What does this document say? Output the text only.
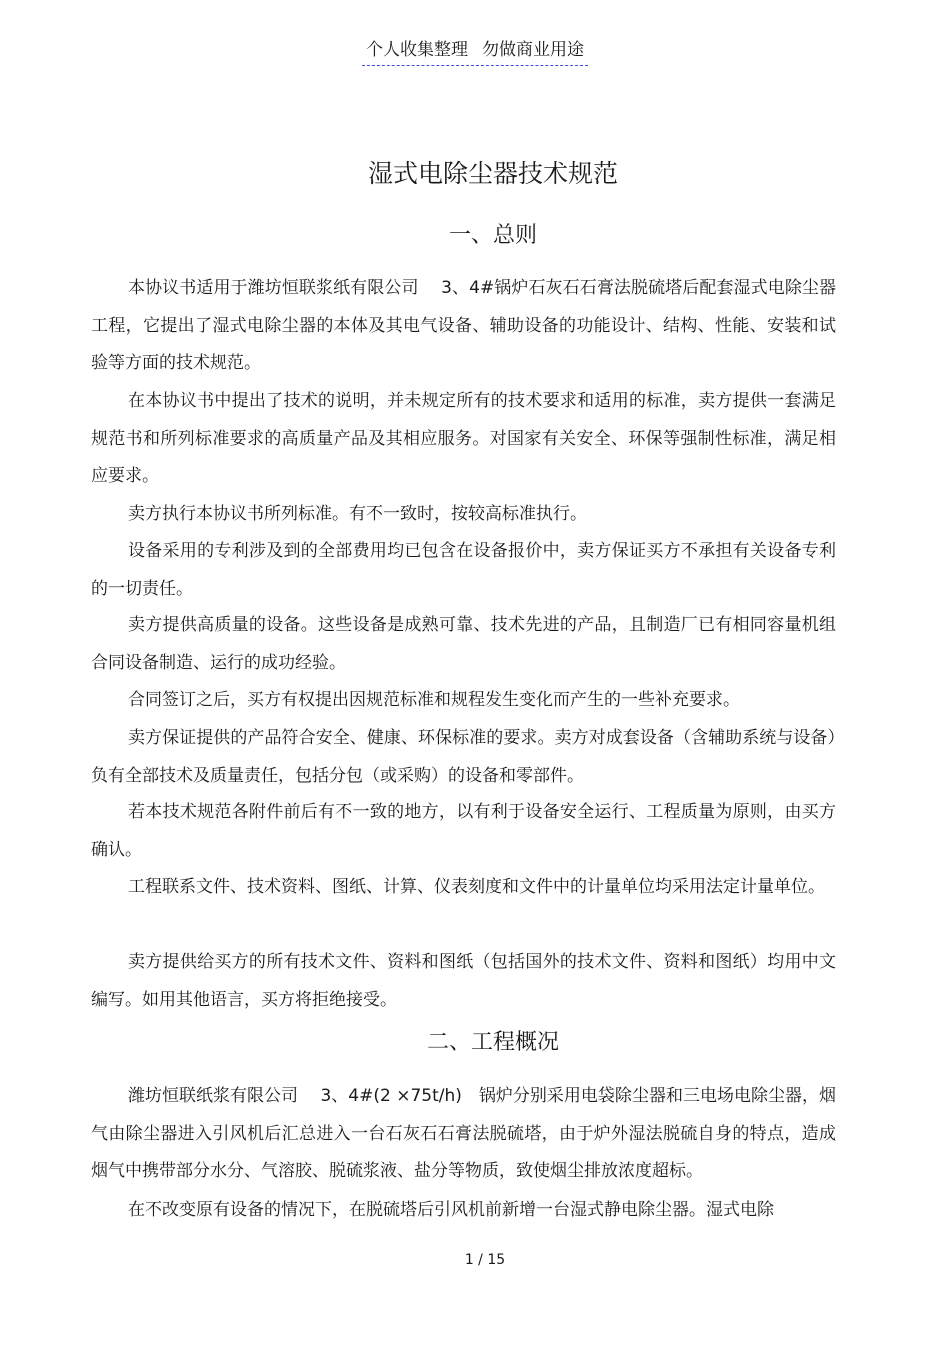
个人收集整理 勿做商业用途
湿式电除尘器技术规范
一、总则

本协议书适用于潍坊恒联浆纸有限公司　 3、4#锅炉石灰石石膏法脱硫塔后配套湿式电除尘器工程，它提出了湿式电除尘器的本体及其电气设备、辅助设备的功能设计、结构、性能、安装和试验等方面的技术规范。

在本协议书中提出了技术的说明，并未规定所有的技术要求和适用的标准，卖方提供一套满足规范书和所列标准要求的高质量产品及其相应服务。对国家有关安全、环保等强制性标准，满足相应要求。

卖方执行本协议书所列标准。有不一致时，按较高标准执行。

设备采用的专利涉及到的全部费用均已包含在设备报价中，卖方保证买方不承担有关设备专利的一切责任。

卖方提供高质量的设备。这些设备是成熟可靠、技术先进的产品，且制造厂已有相同容量机组合同设备制造、运行的成功经验。

合同签订之后，买方有权提出因规范标准和规程发生变化而产生的一些补充要求。

卖方保证提供的产品符合安全、健康、环保标准的要求。卖方对成套设备（含辅助系统与设备）负有全部技术及质量责任，包括分包（或采购）的设备和零部件。

若本技术规范各附件前后有不一致的地方，以有利于设备安全运行、工程质量为原则，由买方确认。

工程联系文件、技术资料、图纸、计算、仪表刻度和文件中的计量单位均采用法定计量单位。

卖方提供给买方的所有技术文件、资料和图纸（包括国外的技术文件、资料和图纸）均用中文编写。如用其他语言，买方将拒绝接受。

二、工程概况

潍坊恒联纸浆有限公司　 3、4#(2 ×75t/h)　锅炉分别采用电袋除尘器和三电场电除尘器，烟气由除尘器进入引风机后汇总进入一台石灰石石膏法脱硫塔，由于炉外湿法脱硫自身的特点，造成烟气中携带部分水分、气溶胶、脱硫浆液、盐分等物质，致使烟尘排放浓度超标。

在不改变原有设备的情况下，在脱硫塔后引风机前新增一台湿式静电除尘器。湿式电除

1 / 15
